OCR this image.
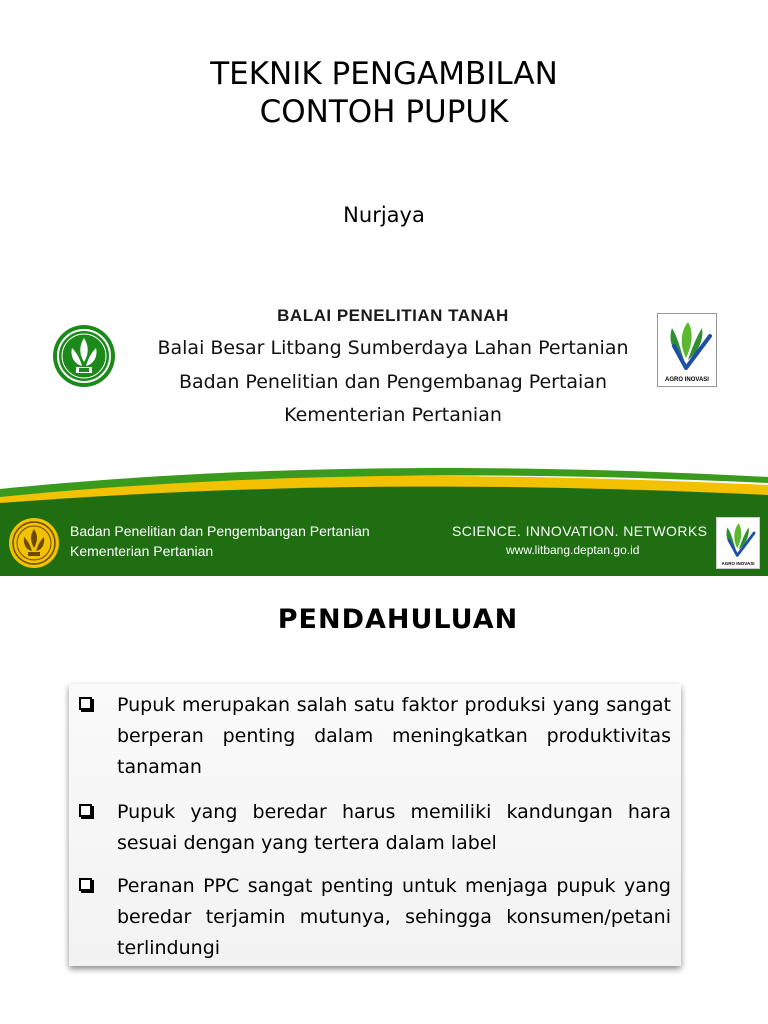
TEKNIK PENGAMBILAN
CONTOH PUPUK
Nurjaya
BALAI PENELITIAN TANAH
Balai Besar Litbang Sumberdaya Lahan Pertanian
Badan Penelitian dan Pengembanag Pertaian
Kementerian Pertanian
AGRO INOVASI
Badan Penelitian dan Pengembangan Pertanian
Kementerian Pertanian
SCIENCE. INNOVATION. NETWORKS
www.litbang.deptan.go.id
AGRO INOVASI
PENDAHULUAN
Pupuk merupakan salah satu faktor produksi yang sangat berperan penting dalam meningkatkan produktivitas tanaman
Pupuk yang beredar harus memiliki kandungan hara sesuai dengan yang tertera dalam label
Peranan PPC sangat penting untuk menjaga pupuk yang beredar terjamin mutunya, sehingga konsumen/petani terlindungi
